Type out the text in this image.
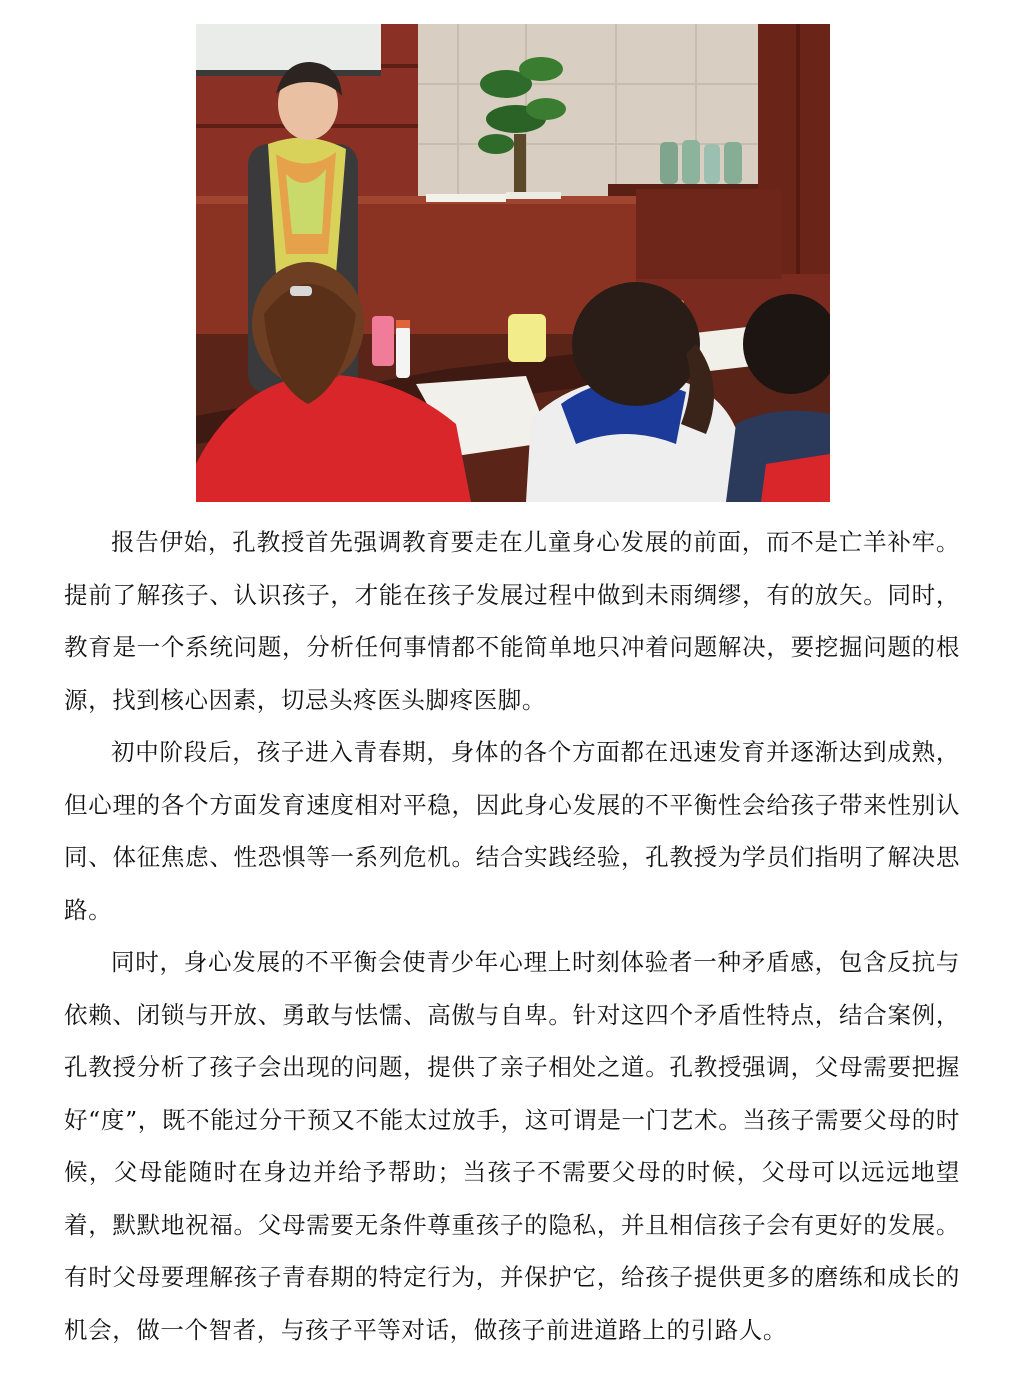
报告伊始，孔教授首先强调教育要走在儿童身心发展的前面，而不是亡羊补牢。提前了解孩子、认识孩子，才能在孩子发展过程中做到未雨绸缪，有的放矢。同时，教育是一个系统问题，分析任何事情都不能简单地只冲着问题解决，要挖掘问题的根源，找到核心因素，切忌头疼医头脚疼医脚。

初中阶段后，孩子进入青春期，身体的各个方面都在迅速发育并逐渐达到成熟，但心理的各个方面发育速度相对平稳，因此身心发展的不平衡性会给孩子带来性别认同、体征焦虑、性恐惧等一系列危机。结合实践经验，孔教授为学员们指明了解决思路。

同时，身心发展的不平衡会使青少年心理上时刻体验者一种矛盾感，包含反抗与依赖、闭锁与开放、勇敢与怯懦、高傲与自卑。针对这四个矛盾性特点，结合案例，孔教授分析了孩子会出现的问题，提供了亲子相处之道。孔教授强调，父母需要把握好“度”，既不能过分干预又不能太过放手，这可谓是一门艺术。当孩子需要父母的时候，父母能随时在身边并给予帮助；当孩子不需要父母的时候，父母可以远远地望着，默默地祝福。父母需要无条件尊重孩子的隐私，并且相信孩子会有更好的发展。有时父母要理解孩子青春期的特定行为，并保护它，给孩子提供更多的磨练和成长的机会，做一个智者，与孩子平等对话，做孩子前进道路上的引路人。
